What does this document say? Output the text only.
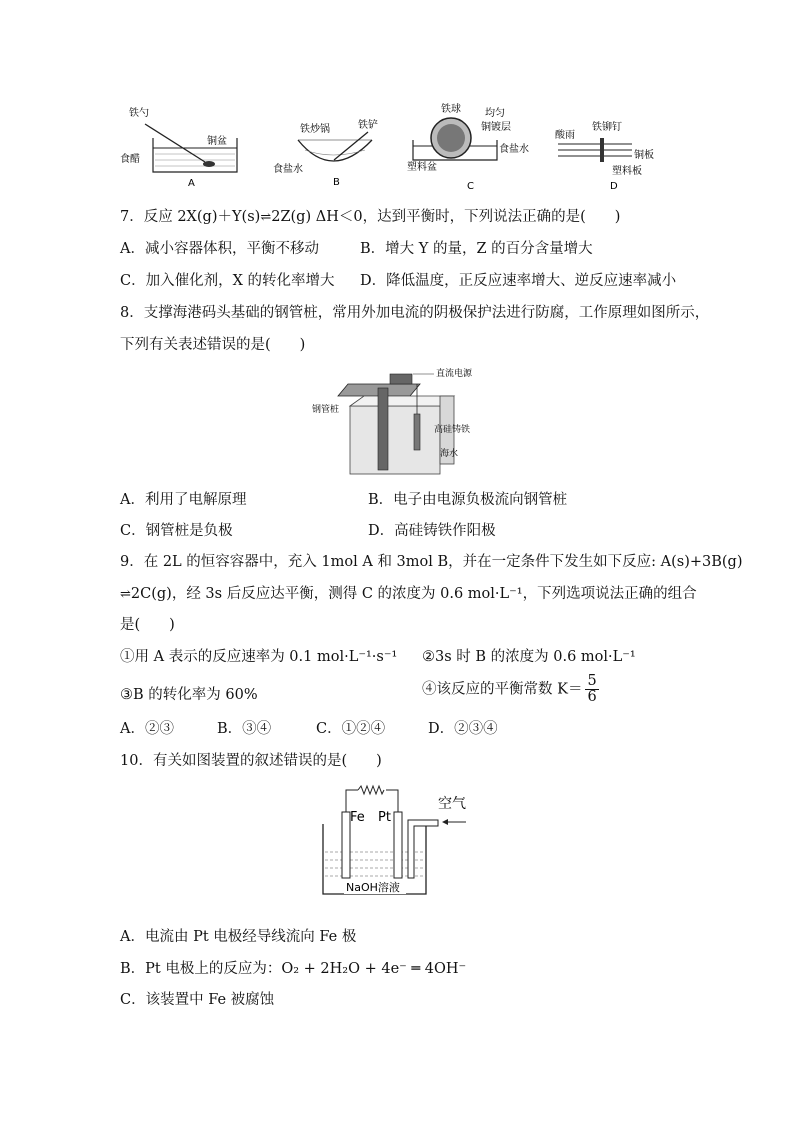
铁勺
铜盆
食醋
A
铁炒锅	铁铲
食盐水
B
铁球 均匀
铜镀层
食盐水
塑料盆
C
酸雨
铁铆钉
铜板
塑料板
D
7．反应 2X(g)＋Y(s)⇌2Z(g) ΔH＜0，达到平衡时，下列说法正确的是(　　)
A．减小容器体积，平衡不移动	B．增大 Y 的量，Z 的百分含量增大
C．加入催化剂，X 的转化率增大 D．降低温度，正反应速率增大、逆反应速率减小
8．支撑海港码头基础的钢管桩，常用外加电流的阴极保护法进行防腐，工作原理如图所示，
下列有关表述错误的是(　　)
直流电源
钢管桩
高硅铸铁
海水
A．利用了电解原理	B．电子由电源负极流向钢管桩
C．钢管桩是负极	D．高硅铸铁作阳极
9．在 2L 的恒容容器中，充入 1mol A 和 3mol B，并在一定条件下发生如下反应: A(s)+3B(g)
⇌2C(g)，经 3s 后反应达平衡，测得 C 的浓度为 0.6 mol·L⁻¹，下列选项说法正确的组合
是(　　)
①用 A 表示的反应速率为 0.1 mol·L⁻¹·s⁻¹ ②3s 时 B 的浓度为 0.6 mol·L⁻¹
③B 的转化率为 60%	④该反应的平衡常数 $K= \frac{5}{6}$
A．②③	B．③④	C．①②④	D．②③④
10．有关如图装置的叙述错误的是(　　)
Fe Pt
空气
NaOH溶液
A．电流由 Pt 电极经导线流向 Fe 极
B．Pt 电极上的反应为：O₂ + 2H₂O + 4e⁻ ═ 4OH⁻
C．该装置中 Fe 被腐蚀
